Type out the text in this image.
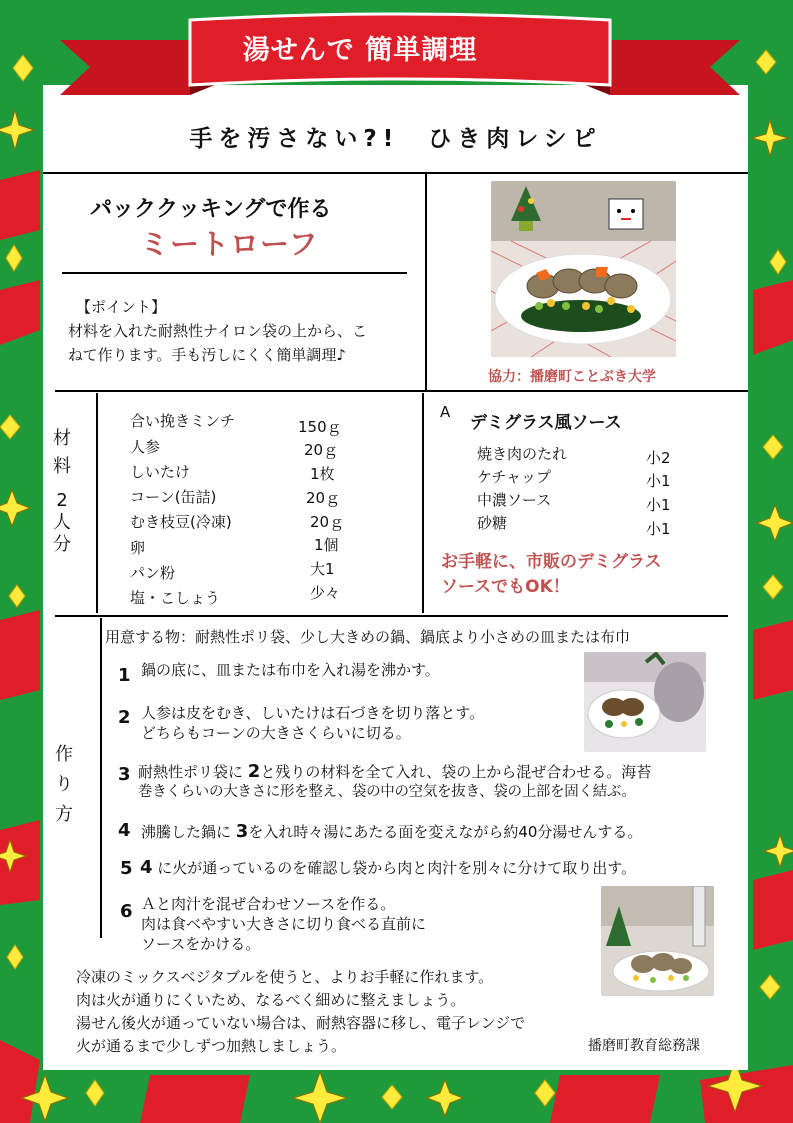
湯せんで 簡単調理
手を汚さない?!　ひき肉レシピ
パッククッキングで作る
ミートローフ
【ポイント】
材料を入れた耐熱性ナイロン袋の上から、こ
ねて作ります。手も汚しにくく簡単調理♪
協力：播磨町ことぶき大学
材
料
2
人
分
合い挽きミンチ	150ｇ
人参	20ｇ
しいたけ	1枚
コーン(缶詰)	20ｇ
むき枝豆(冷凍)	20ｇ
卵	1個
パン粉	大1
塩・こしょう	少々
A
デミグラス風ソース
焼き肉のたれ	小2
ケチャップ	小1
中濃ソース	小1
砂糖	小1
お手軽に、市販のデミグラス
ソースでもOK！
用意する物：耐熱性ポリ袋、少し大きめの鍋、鍋底より小さめの皿または布巾
作
り
方
1 鍋の底に、皿または布巾を入れ湯を沸かす。
2 人参は皮をむき、しいたけは石づきを切り落とす。
どちらもコーンの大きさくらいに切る。
3 耐熱性ポリ袋に 2と残りの材料を全て入れ、袋の上から混ぜ合わせる。海苔
巻きくらいの大きさに形を整え、袋の中の空気を抜き、袋の上部を固く結ぶ。
4 沸騰した鍋に 3を入れ時々湯にあたる面を変えながら約40分湯せんする。
5 4 に火が通っているのを確認し袋から肉と肉汁を別々に分けて取り出す。
6 Ａと肉汁を混ぜ合わせソースを作る。
肉は食べやすい大きさに切り食べる直前に
ソースをかける。
冷凍のミックスベジタブルを使うと、よりお手軽に作れます。
肉は火が通りにくいため、なるべく細めに整えましょう。
湯せん後火が通っていない場合は、耐熱容器に移し、電子レンジで
火が通るまで少しずつ加熱しましょう。	播磨町教育総務課
